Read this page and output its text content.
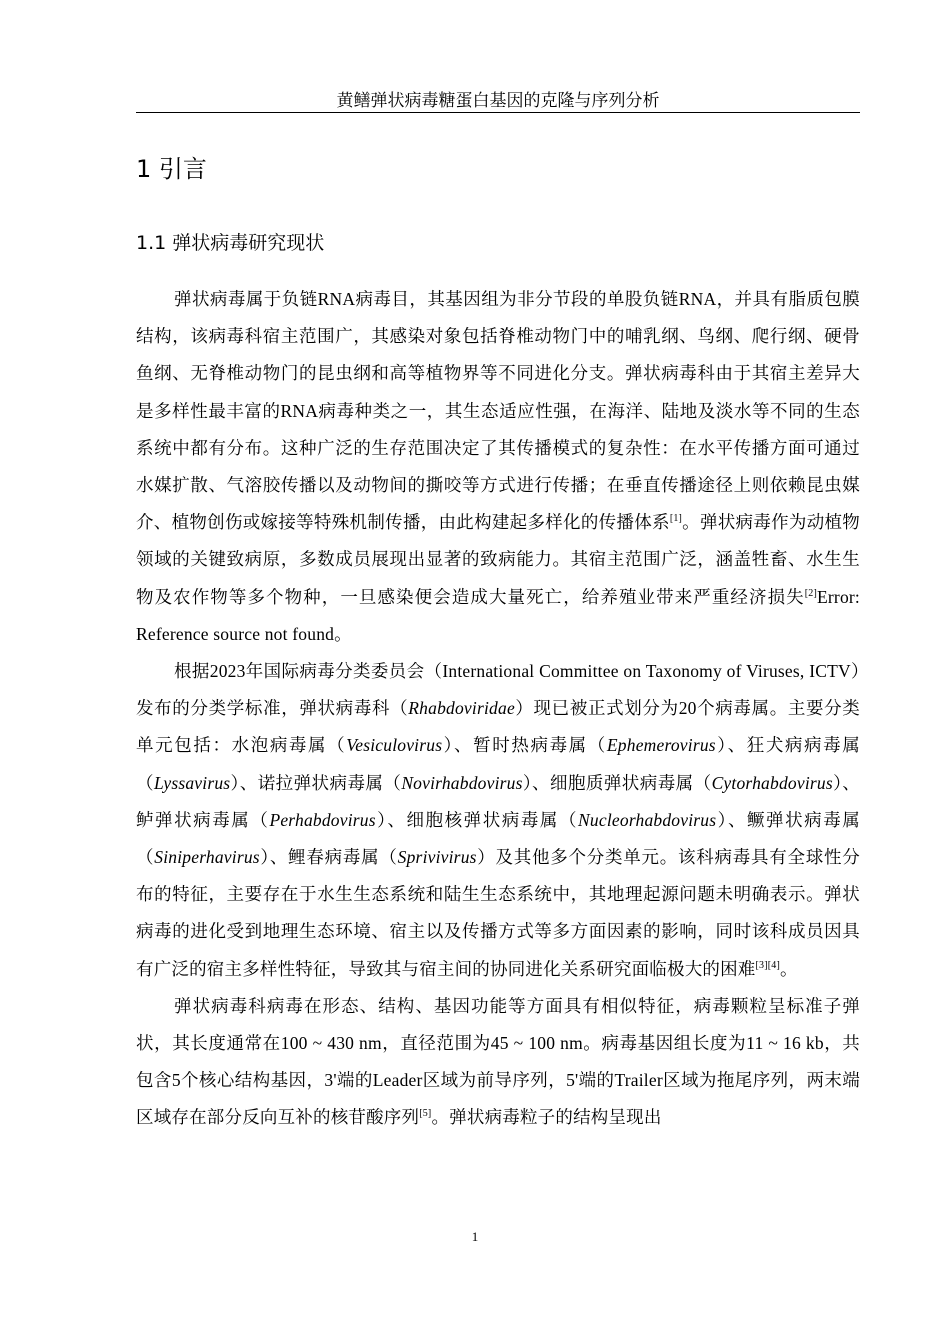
黄鳝弹状病毒糖蛋白基因的克隆与序列分析
1 引言
1.1 弹状病毒研究现状

弹状病毒属于负链RNA病毒目，其基因组为非分节段的单股负链RNA，并具有脂质包膜结构，该病毒科宿主范围广，其感染对象包括脊椎动物门中的哺乳纲、鸟纲、爬行纲、硬骨鱼纲、无脊椎动物门的昆虫纲和高等植物界等不同进化分支。弹状病毒科由于其宿主差异大是多样性最丰富的RNA病毒种类之一，其生态适应性强，在海洋、陆地及淡水等不同的生态系统中都有分布。这种广泛的生存范围决定了其传播模式的复杂性：在水平传播方面可通过水媒扩散、气溶胶传播以及动物间的撕咬等方式进行传播；在垂直传播途径上则依赖昆虫媒介、植物创伤或嫁接等特殊机制传播，由此构建起多样化的传播体系[1]。弹状病毒作为动植物领域的关键致病原，多数成员展现出显著的致病能力。其宿主范围广泛，涵盖牲畜、水生生物及农作物等多个物种，一旦感染便会造成大量死亡，给养殖业带来严重经济损失[2]Error: Reference source not found。

根据2023年国际病毒分类委员会（International Committee on Taxonomy of Viruses, ICTV）发布的分类学标准，弹状病毒科（Rhabdoviridae）现已被正式划分为20个病毒属。主要分类单元包括：水泡病毒属（Vesiculovirus）、暂时热病毒属（Ephemerovirus）、狂犬病病毒属（Lyssavirus）、诺拉弹状病毒属（Novirhabdovirus）、细胞质弹状病毒属（Cytorhabdovirus）、鲈弹状病毒属（Perhabdovirus）、细胞核弹状病毒属（Nucleorhabdovirus）、鳜弹状病毒属（Siniperhavirus）、鲤春病毒属（Sprivivirus）及其他多个分类单元。该科病毒具有全球性分布的特征，主要存在于水生生态系统和陆生生态系统中，其地理起源问题未明确表示。弹状病毒的进化受到地理生态环境、宿主以及传播方式等多方面因素的影响，同时该科成员因具有广泛的宿主多样性特征，导致其与宿主间的协同进化关系研究面临极大的困难[3][4]。

弹状病毒科病毒在形态、结构、基因功能等方面具有相似特征，病毒颗粒呈标准子弹状，其长度通常在100 ~ 430 nm，直径范围为45 ~ 100 nm。病毒基因组长度为11 ~ 16 kb，共包含5个核心结构基因，3'端的Leader区域为前导序列，5'端的Trailer区域为拖尾序列，两末端区域存在部分反向互补的核苷酸序列[5]。弹状病毒粒子的结构呈现出

1
